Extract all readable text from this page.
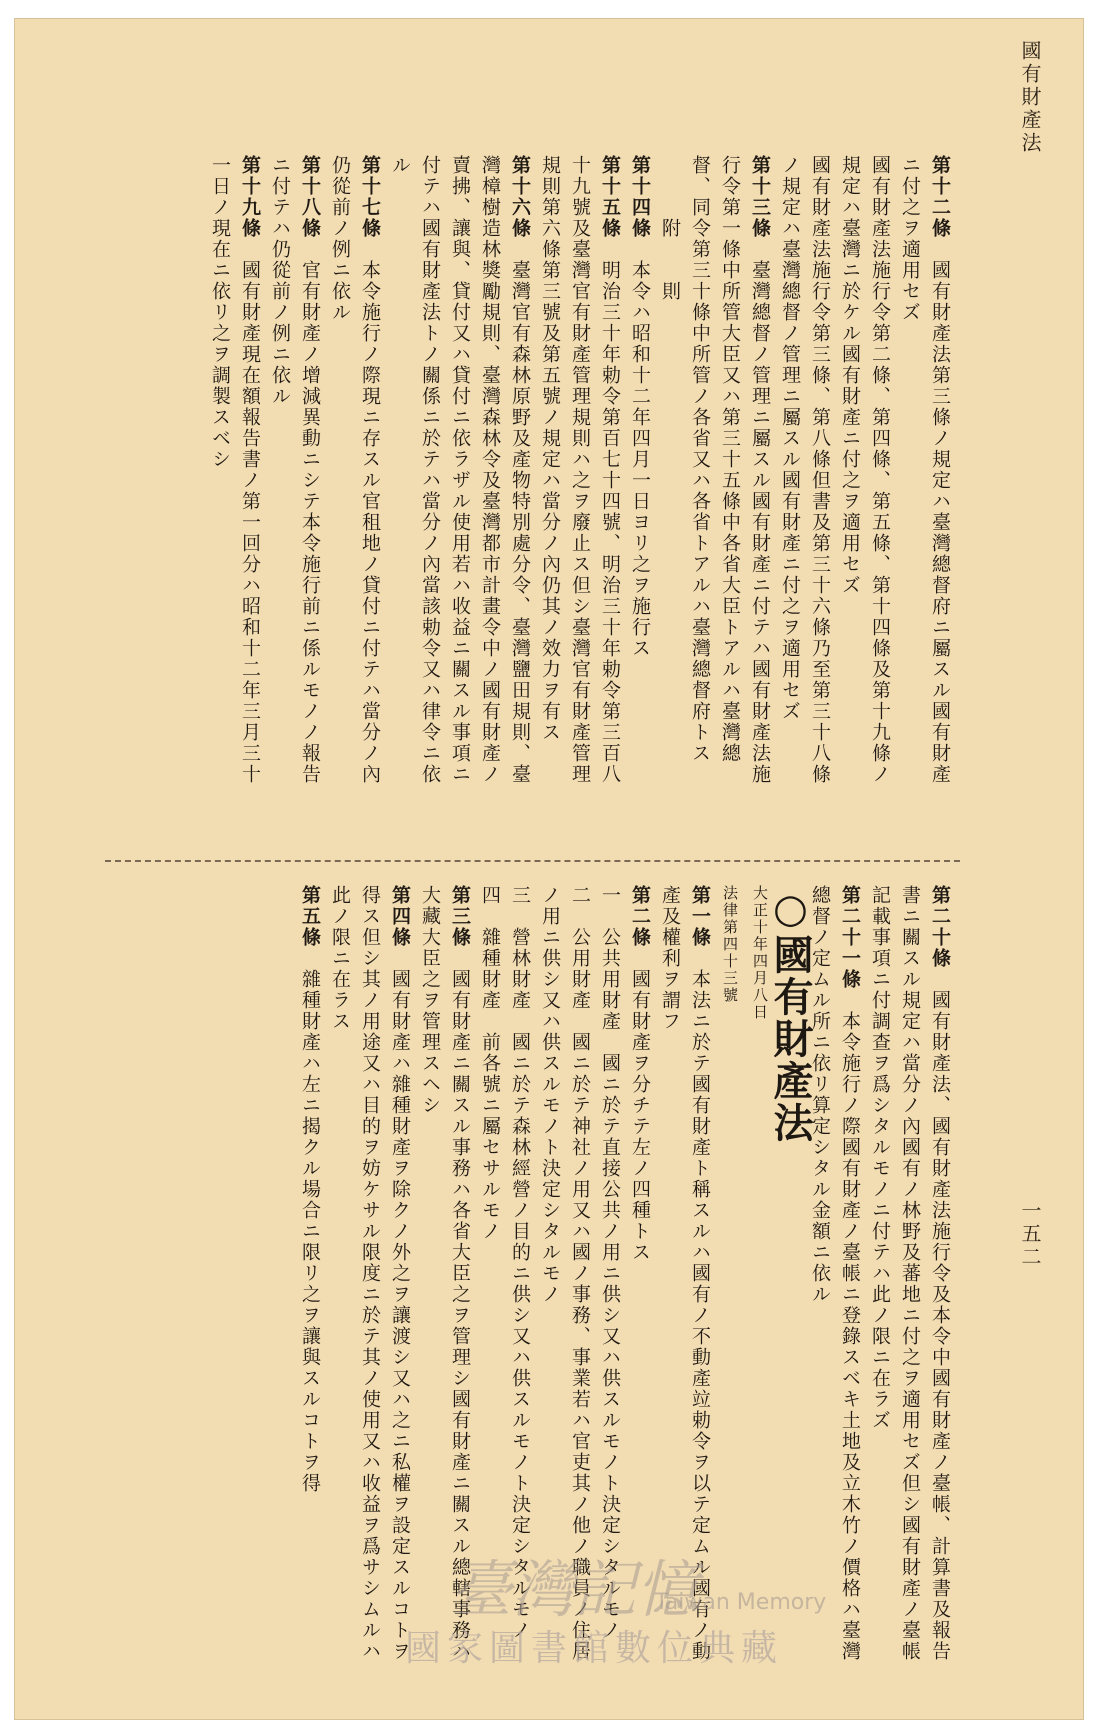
國有財產法
一五二
第十二條　國有財產法第三條ノ規定ハ臺灣總督府ニ屬スル國有財產ニ付之ヲ適用セズ
國有財產法施行令第二條、第四條、第五條、第十四條及第十九條ノ規定ハ臺灣ニ於ケル國有財產ニ付之ヲ適用セズ
國有財產法施行令第三條、第八條但書及第三十六條乃至第三十八條ノ規定ハ臺灣總督ノ管理ニ屬スル國有財產ニ付之ヲ適用セズ
第十三條　臺灣總督ノ管理ニ屬スル國有財產ニ付テハ國有財產法施行令第一條中所管大臣又ハ第三十五條中各省大臣トアルハ臺灣總督、同令第三十條中所管ノ各省又ハ各省トアルハ臺灣總督府トス
　　　附　　則
第十四條　本令ハ昭和十二年四月一日ヨリ之ヲ施行ス
第十五條　明治三十年勅令第百七十四號、明治三十年勅令第三百八十九號及臺灣官有財產管理規則ハ之ヲ廢止ス但シ臺灣官有財產管理規則第六條第三號及第五號ノ規定ハ當分ノ內仍其ノ效力ヲ有ス
第十六條　臺灣官有森林原野及產物特別處分令、臺灣鹽田規則、臺灣樟樹造林獎勵規則、臺灣森林令及臺灣都市計畫令中ノ國有財產ノ賣拂、讓與、貸付又ハ貸付ニ依ラザル使用若ハ收益ニ關スル事項ニ付テハ國有財產法トノ關係ニ於テハ當分ノ內當該勅令又ハ律令ニ依ル
第十七條　本令施行ノ際現ニ存スル官租地ノ貸付ニ付テハ當分ノ內仍從前ノ例ニ依ル
第十八條　官有財產ノ增減異動ニシテ本令施行前ニ係ルモノノ報告ニ付テハ仍從前ノ例ニ依ル
第十九條　國有財產現在額報告書ノ第一回分ハ昭和十二年三月三十一日ノ現在ニ依リ之ヲ調製スベシ

第二十條　國有財產法、國有財產法施行令及本令中國有財產ノ臺帳、計算書及報告書ニ關スル規定ハ當分ノ內國有ノ林野及蕃地ニ付之ヲ適用セズ但シ國有財產ノ臺帳記載事項ニ付調查ヲ爲シタルモノニ付テハ此ノ限ニ在ラズ
第二十一條　本令施行ノ際國有財產ノ臺帳ニ登錄スベキ土地及立木竹ノ價格ハ臺灣總督ノ定ムル所ニ依リ算定シタル金額ニ依ル
○國有財產法
大正十年四月八日
法律第四十三號
第一條　本法ニ於テ國有財產ト稱スルハ國有ノ不動產竝勅令ヲ以テ定ムル國有ノ動產及權利ヲ謂フ
第二條　國有財產ヲ分チテ左ノ四種トス
一　公共用財產　國ニ於テ直接公共ノ用ニ供シ又ハ供スルモノト決定シタルモノ
二　公用財產　國ニ於テ神社ノ用又ハ國ノ事務、事業若ハ官吏其ノ他ノ職員ノ住居ノ用ニ供シ又ハ供スルモノト決定シタルモノ
三　營林財產　國ニ於テ森林經營ノ目的ニ供シ又ハ供スルモノト決定シタルモノ
四　雜種財產　前各號ニ屬セサルモノ
第三條　國有財產ニ關スル事務ハ各省大臣之ヲ管理シ國有財產ニ關スル總轄事務ハ大藏大臣之ヲ管理スヘシ
第四條　國有財產ハ雜種財產ヲ除クノ外之ヲ讓渡シ又ハ之ニ私權ヲ設定スルコトヲ得ス但シ其ノ用途又ハ目的ヲ妨ケサル限度ニ於テ其ノ使用又ハ收益ヲ爲サシムルハ此ノ限ニ在ラス
第五條　雜種財產ハ左ニ揭クル場合ニ限リ之ヲ讓與スルコトヲ得

臺灣記憶
Taiwan Memory
國家圖書館數位典藏
